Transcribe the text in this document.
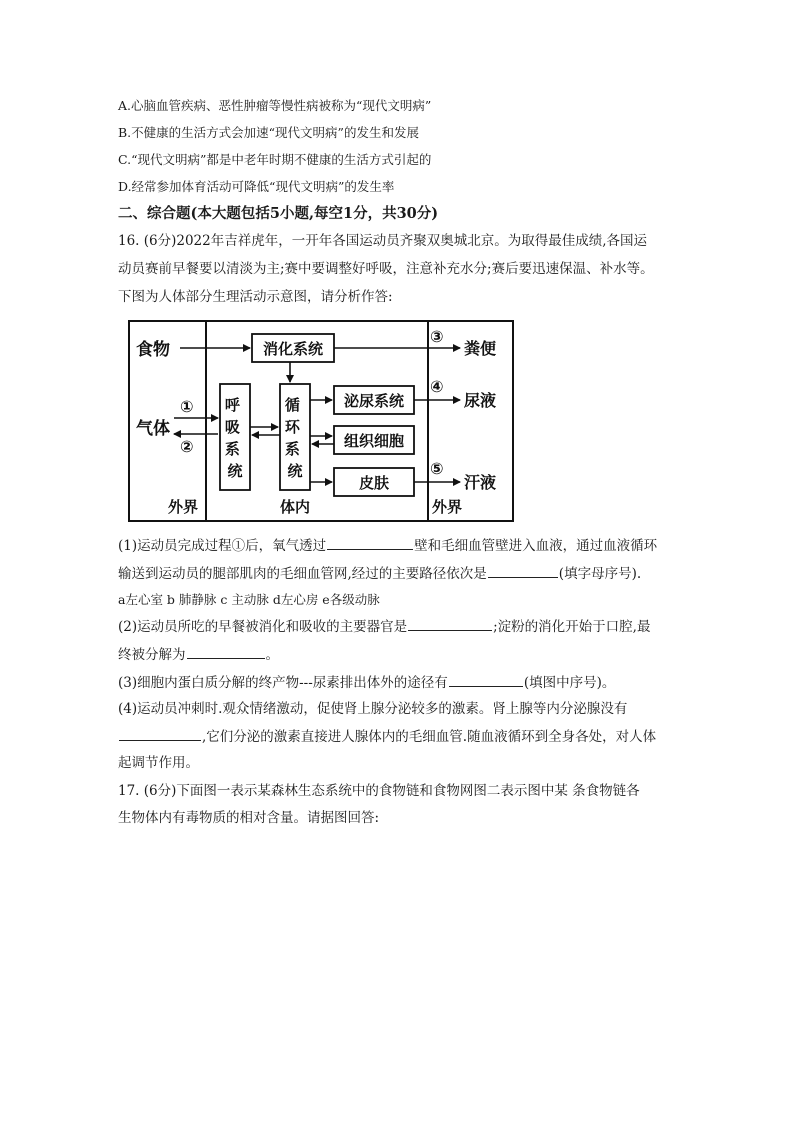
A.心脑血管疾病、恶性肿瘤等慢性病被称为“现代文明病”
B.不健康的生活方式会加速“现代文明病”的发生和发展
C.“现代文明病”都是中老年时期不健康的生活方式引起的
D.经常参加体育活动可降低“现代文明病”的发生率
二、综合题(本大题包括5小题,每空1分，共30分)
16. (6分)2022年吉祥虎年，一开年各国运动员齐聚双奥城北京。为取得最佳成绩,各国运
动员赛前早餐要以清淡为主;赛中要调整好呼吸，注意补充水分;赛后要迅速保温、补水等。
下图为人体部分生理活动示意图，请分析作答:
食物
气体
消化系统
泌尿系统
组织细胞
皮肤
粪便
尿液
汗液
外界	体内	外界
呼 吸 系 统
循 环 系 统
①
②
③
④
⑤
(1)运动员完成过程①后，氧气透过	壁和毛细血管壁进入血液，通过血液循环
输送到运动员的腿部肌肉的毛细血管网,经过的主要路径依次是	(填字母序号).
a左心室 b 肺静脉 c 主动脉 d左心房 e各级动脉
(2)运动员所吃的早餐被消化和吸收的主要器官是	;淀粉的消化开始于口腔,最
终被分解为	。
(3)细胞内蛋白质分解的终产物---尿素排出体外的途径有	(填图中序号)。
(4)运动员冲刺时.观众情绪激动，促使肾上腺分泌较多的激素。肾上腺等内分泌腺没有
,它们分泌的激素直接进人腺体内的毛细血管.随血液循环到全身各处，对人体
起调节作用。
17. (6分)下面图一表示某森林生态系统中的食物链和食物网图二表示图中某 条食物链各
生物体内有毒物质的相对含量。请据图回答:
